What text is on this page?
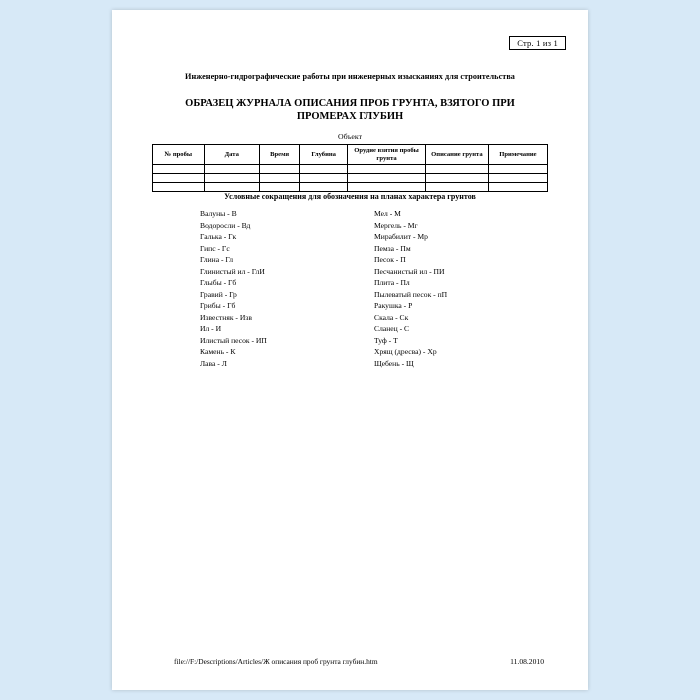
Стр. 1 из 1
Инженерно-гидрографические работы при инженерных изысканиях для строительства
ОБРАЗЕЦ ЖУРНАЛА ОПИСАНИЯ ПРОБ ГРУНТА, ВЗЯТОГО ПРИ ПРОМЕРАХ ГЛУБИН
Объект
№ пробы	Дата	Время	Глубина	Орудие взятия пробы грунта	Описание грунта	Примечание

Условные сокращения для обозначения на планах характера грунтов
Валуны - В
Водоросли - Вд
Галька - Гк
Гипс - Гс
Глина - Гл
Глинистый ил - ГлИ
Глыбы - Гб
Гравий - Гр
Грибы - Гб
Известняк - Изв
Ил - И
Илистый песок - ИП
Камень - К
Лава - Л
Мел - М
Мергель - Мг
Мирабилит - Мр
Пемза - Пм
Песок - П
Песчанистый ил - ПИ
Плита - Пл
Пылеватый песок - пП
Ракушка - Р
Скала - Ск
Сланец - С
Туф - Т
Хрящ (дресва) - Хр
Щебень - Щ
file://F:/Descriptions/Articles/Ж описания проб грунта глубин.htm	11.08.2010
